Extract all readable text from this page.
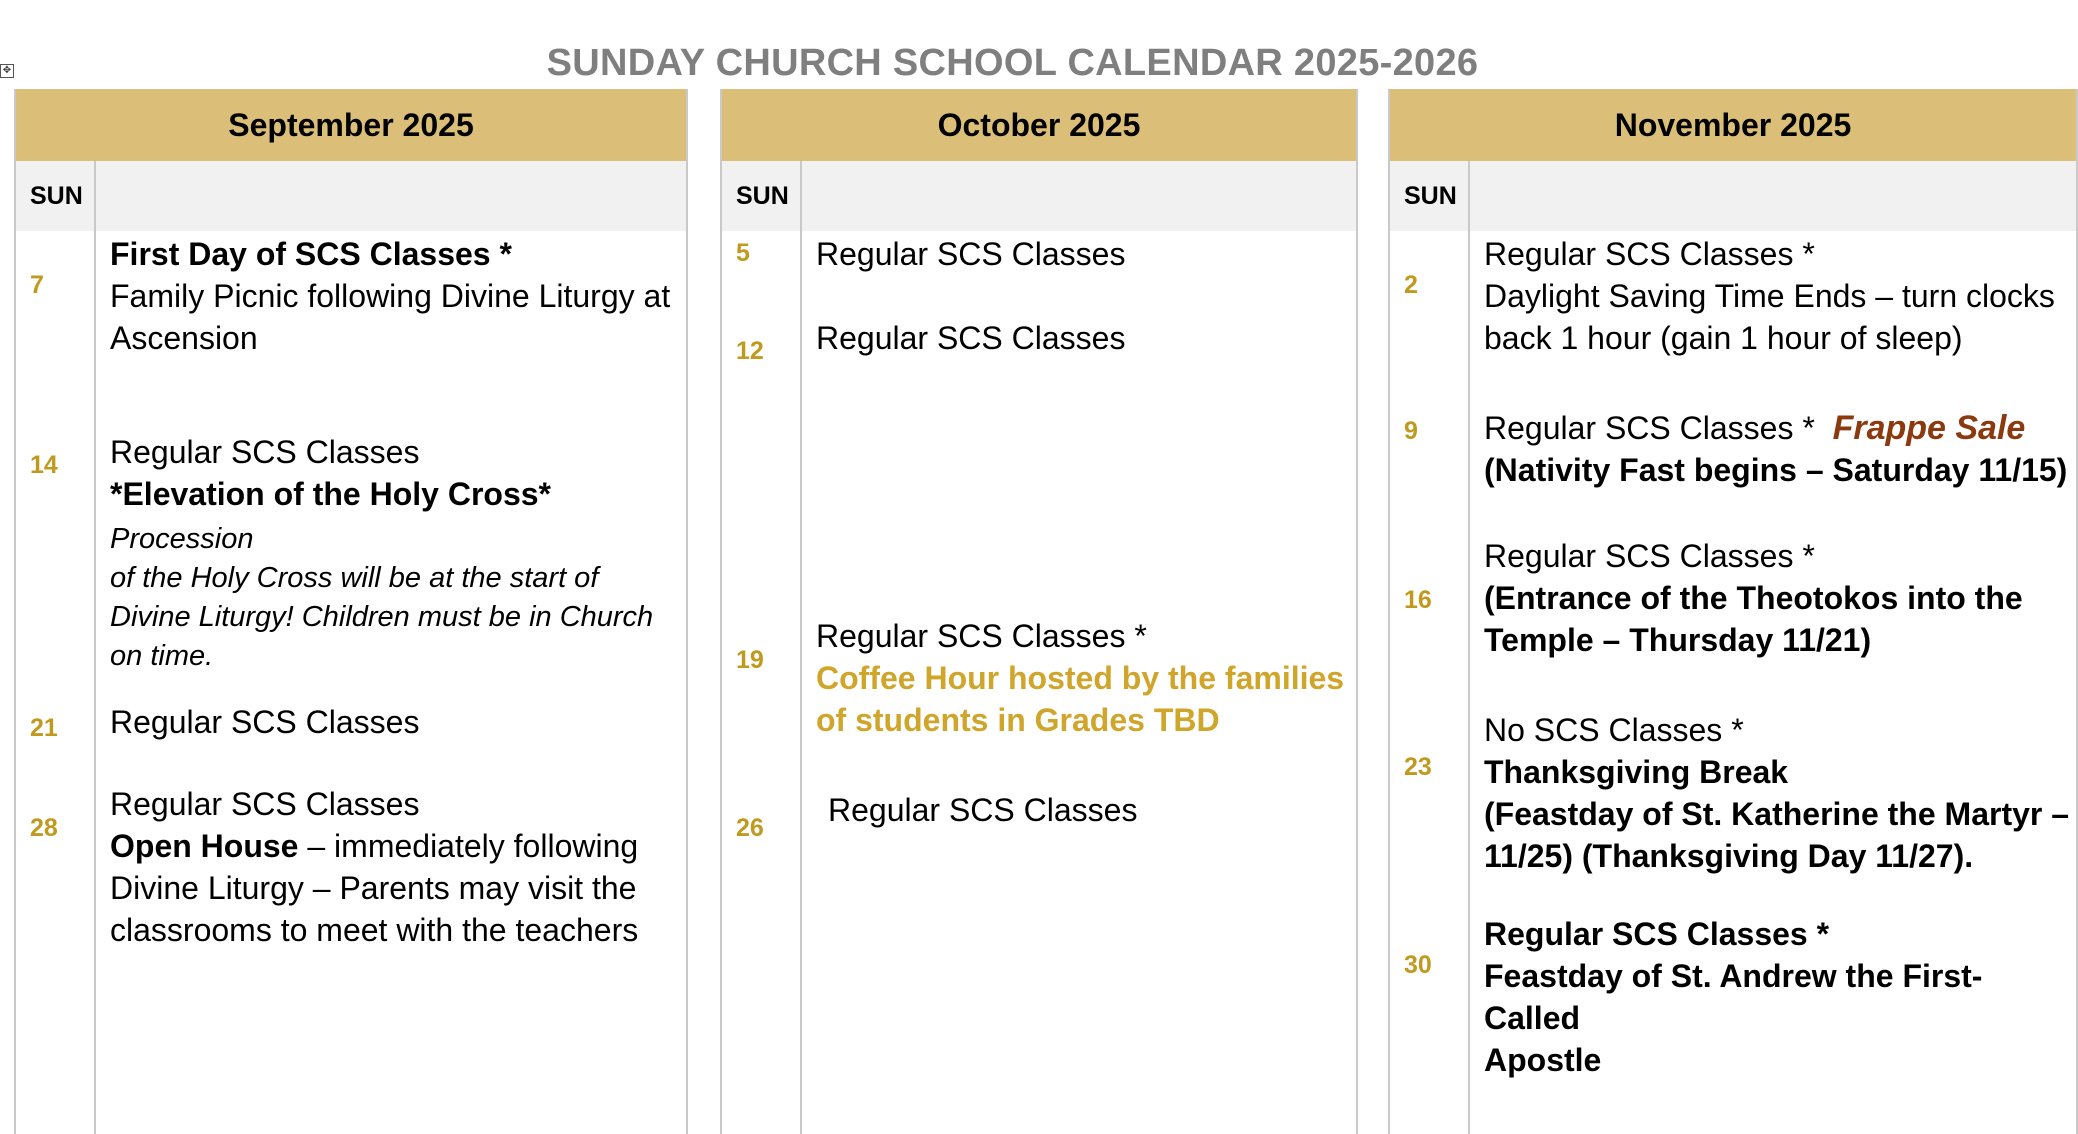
✥	SUNDAY CHURCH SCHOOL CALENDAR 2025-2026
September 2025
SUN
7
First Day of SCS Classes *
Family Picnic following Divine Liturgy at
Ascension
14 Regular SCS Classes
*Elevation of the Holy Cross* Procession
of the Holy Cross will be at the start of
Divine Liturgy! Children must be in Church
on time.
21 Regular SCS Classes
28
Regular SCS Classes
Open House – immediately following
Divine Liturgy – Parents may visit the
classrooms to meet with the teachers
October 2025
SUN
5 Regular SCS Classes
12 Regular SCS Classes
19
Regular SCS Classes *
Coffee Hour hosted by the families
of students in Grades TBD
26 Regular SCS Classes
November 2025
SUN
2
Regular SCS Classes *
Daylight Saving Time Ends – turn clocks
back 1 hour (gain 1 hour of sleep)
9 Regular SCS Classes * Frappe Sale
(Nativity Fast begins – Saturday 11/15)
16
Regular SCS Classes *
(Entrance of the Theotokos into the
Temple – Thursday 11/21)
23
No SCS Classes *
Thanksgiving Break
(Feastday of St. Katherine the Martyr –
11/25) (Thanksgiving Day 11/27).
30
Regular SCS Classes *
Feastday of St. Andrew the First-Called
Apostle
